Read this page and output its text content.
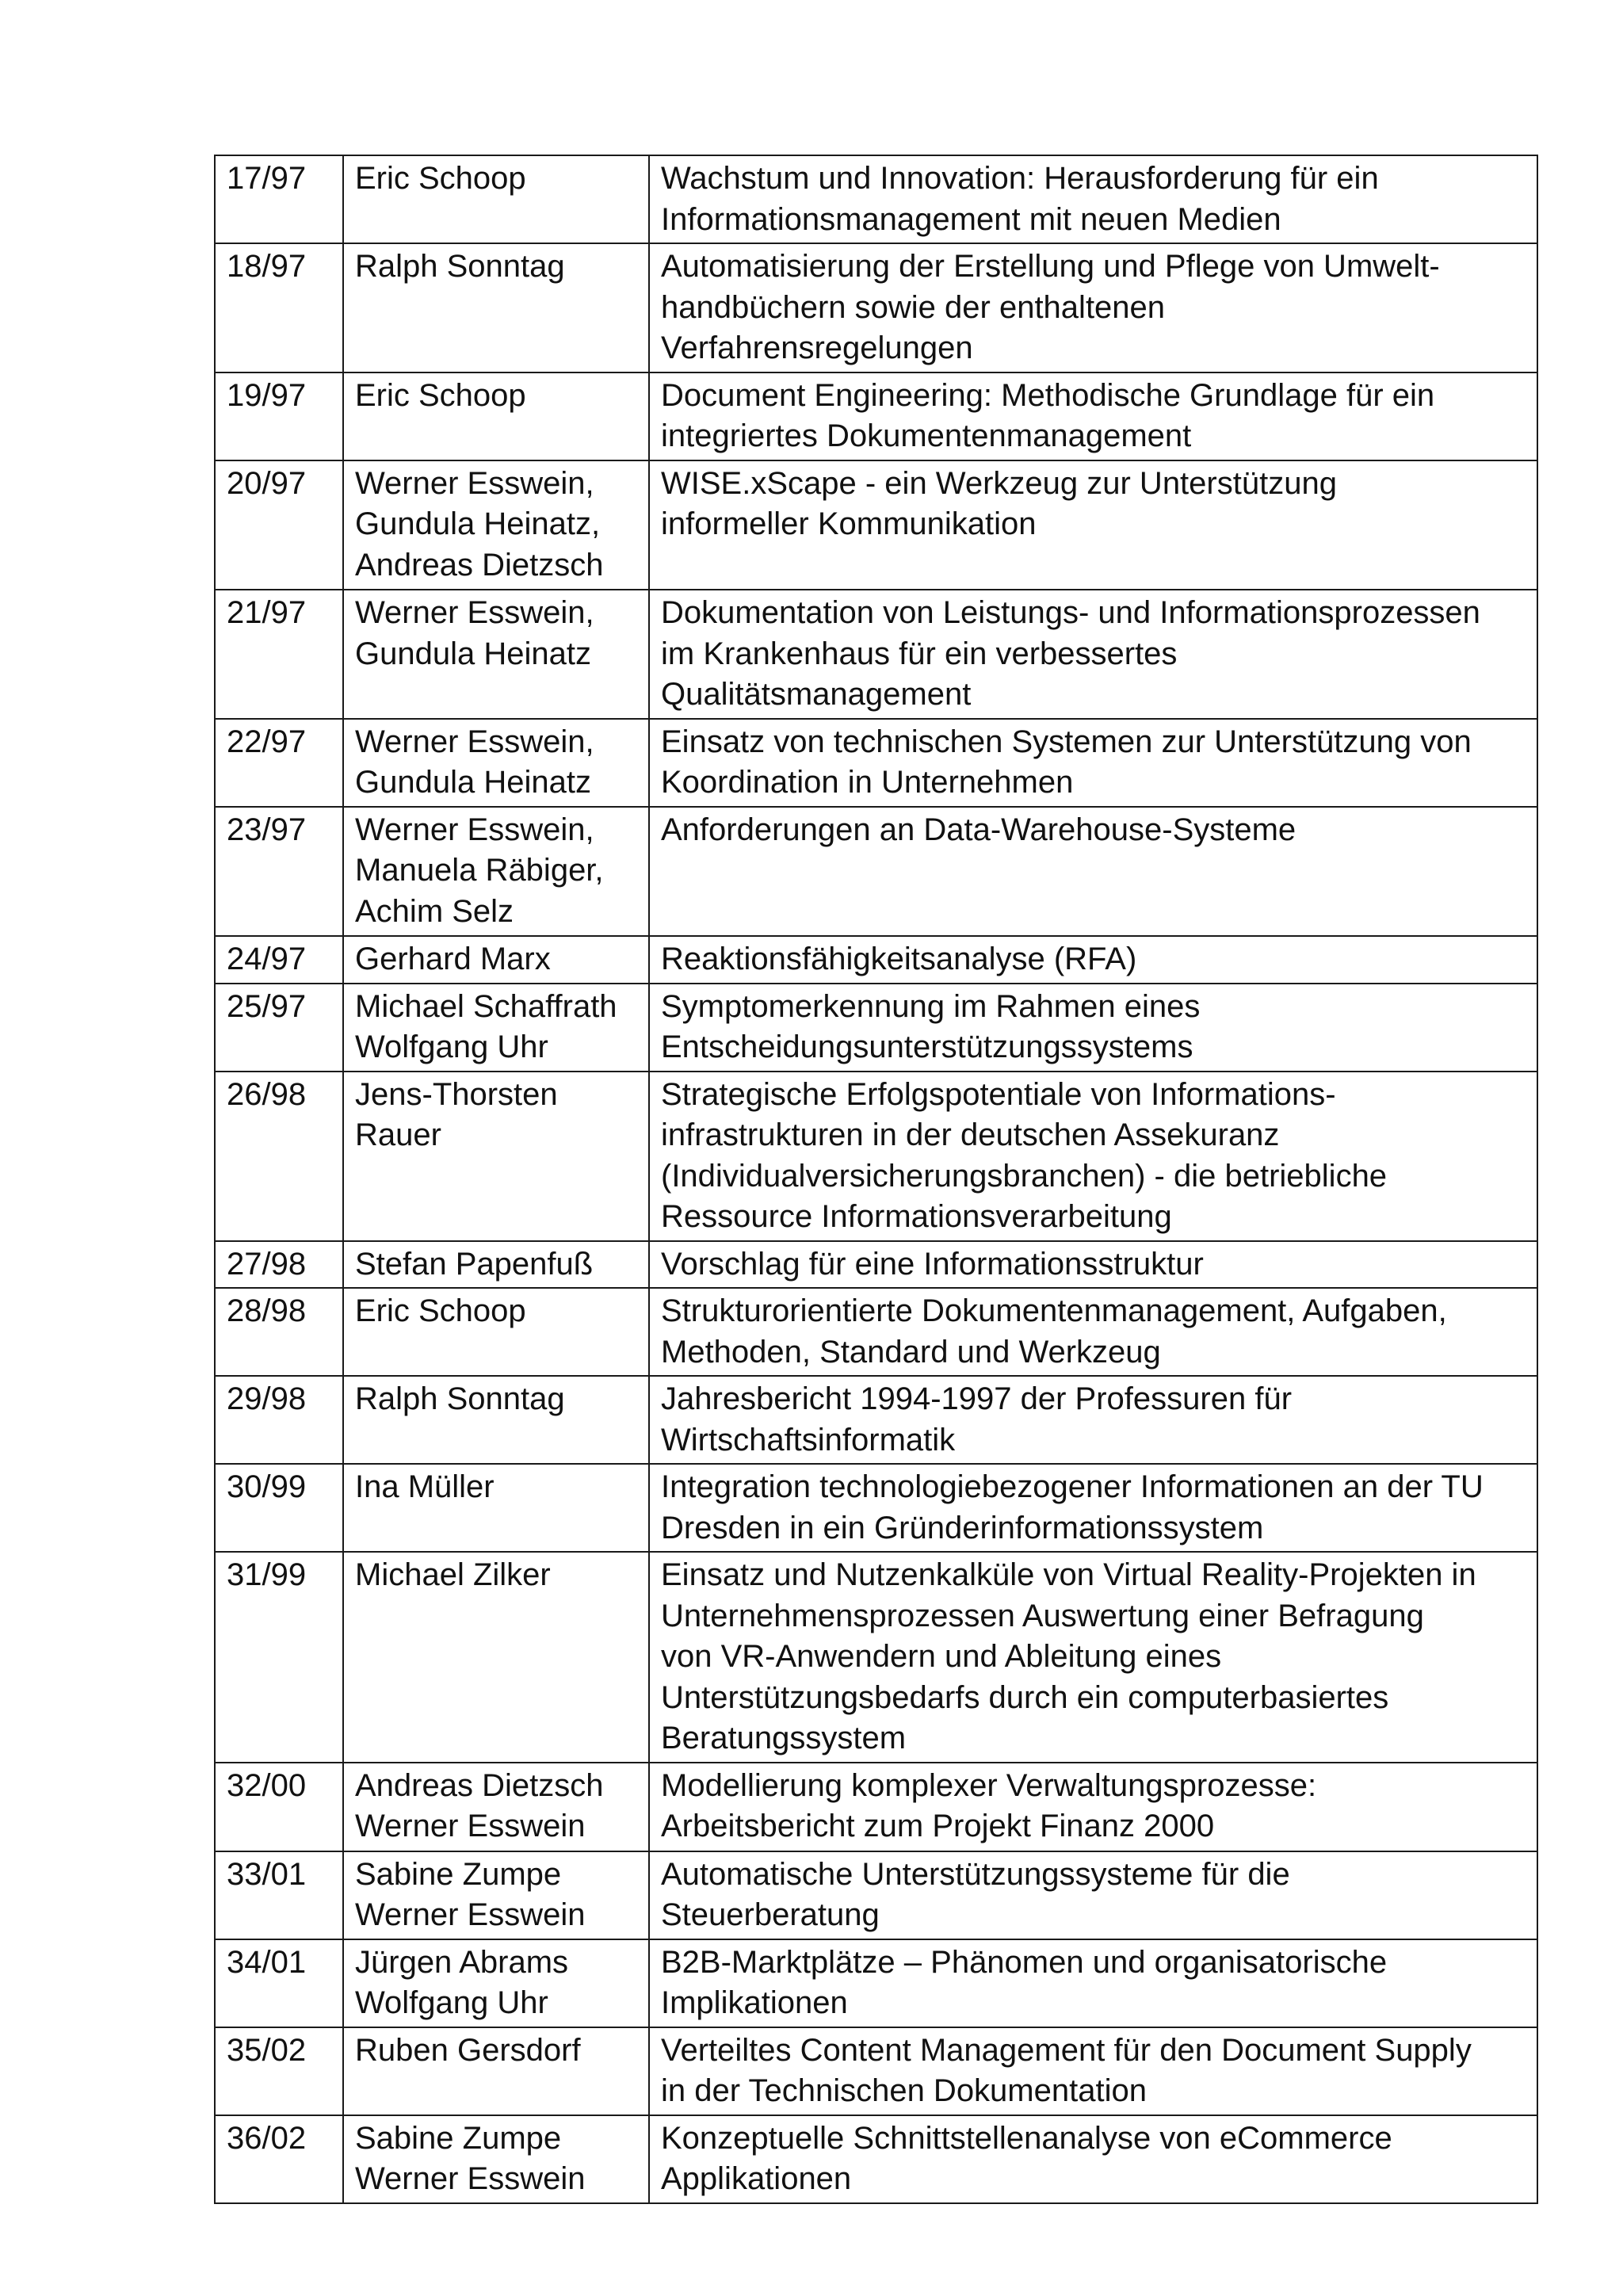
17/97	Eric Schoop	Wachstum und Innovation: Herausforderung für ein
Informationsmanagement mit neuen Medien
18/97	Ralph Sonntag	Automatisierung der Erstellung und Pflege von Umwelt-
handbüchern sowie der enthaltenen
Verfahrensregelungen
19/97	Eric Schoop	Document Engineering: Methodische Grundlage für ein
integriertes Dokumentenmanagement
20/97	Werner Esswein,
Gundula Heinatz,
Andreas Dietzsch	WISE.xScape - ein Werkzeug zur Unterstützung
informeller Kommunikation
21/97	Werner Esswein,
Gundula Heinatz	Dokumentation von Leistungs- und Informationsprozessen
im Krankenhaus für ein verbessertes
Qualitätsmanagement
22/97	Werner Esswein,
Gundula Heinatz	Einsatz von technischen Systemen zur Unterstützung von
Koordination in Unternehmen
23/97	Werner Esswein,
Manuela Räbiger,
Achim Selz	Anforderungen an Data-Warehouse-Systeme
24/97	Gerhard Marx	Reaktionsfähigkeitsanalyse (RFA)
25/97	Michael Schaffrath
Wolfgang Uhr	Symptomerkennung im Rahmen eines
Entscheidungsunterstützungssystems
26/98	Jens-Thorsten
Rauer	Strategische Erfolgspotentiale von Informations-
infrastrukturen in der deutschen Assekuranz
(Individualversicherungsbranchen) - die betriebliche
Ressource Informationsverarbeitung
27/98	Stefan Papenfuß	Vorschlag für eine Informationsstruktur
28/98	Eric Schoop	Strukturorientierte Dokumentenmanagement, Aufgaben,
Methoden, Standard und Werkzeug
29/98	Ralph Sonntag	Jahresbericht 1994-1997 der Professuren für
Wirtschaftsinformatik
30/99	Ina Müller	Integration technologiebezogener Informationen an der TU
Dresden in ein Gründerinformationssystem
31/99	Michael Zilker	Einsatz und Nutzenkalküle von Virtual Reality-Projekten in
Unternehmensprozessen Auswertung einer Befragung
von VR-Anwendern und Ableitung eines
Unterstützungsbedarfs durch ein computerbasiertes
Beratungssystem
32/00	Andreas Dietzsch
Werner Esswein	Modellierung komplexer Verwaltungsprozesse:
Arbeitsbericht zum Projekt Finanz 2000
33/01	Sabine Zumpe
Werner Esswein	Automatische Unterstützungssysteme für die
Steuerberatung
34/01	Jürgen Abrams
Wolfgang Uhr	B2B-Marktplätze – Phänomen und organisatorische
Implikationen
35/02	Ruben Gersdorf	Verteiltes Content Management für den Document Supply
in der Technischen Dokumentation
36/02	Sabine Zumpe
Werner Esswein	Konzeptuelle Schnittstellenanalyse von eCommerce
Applikationen
